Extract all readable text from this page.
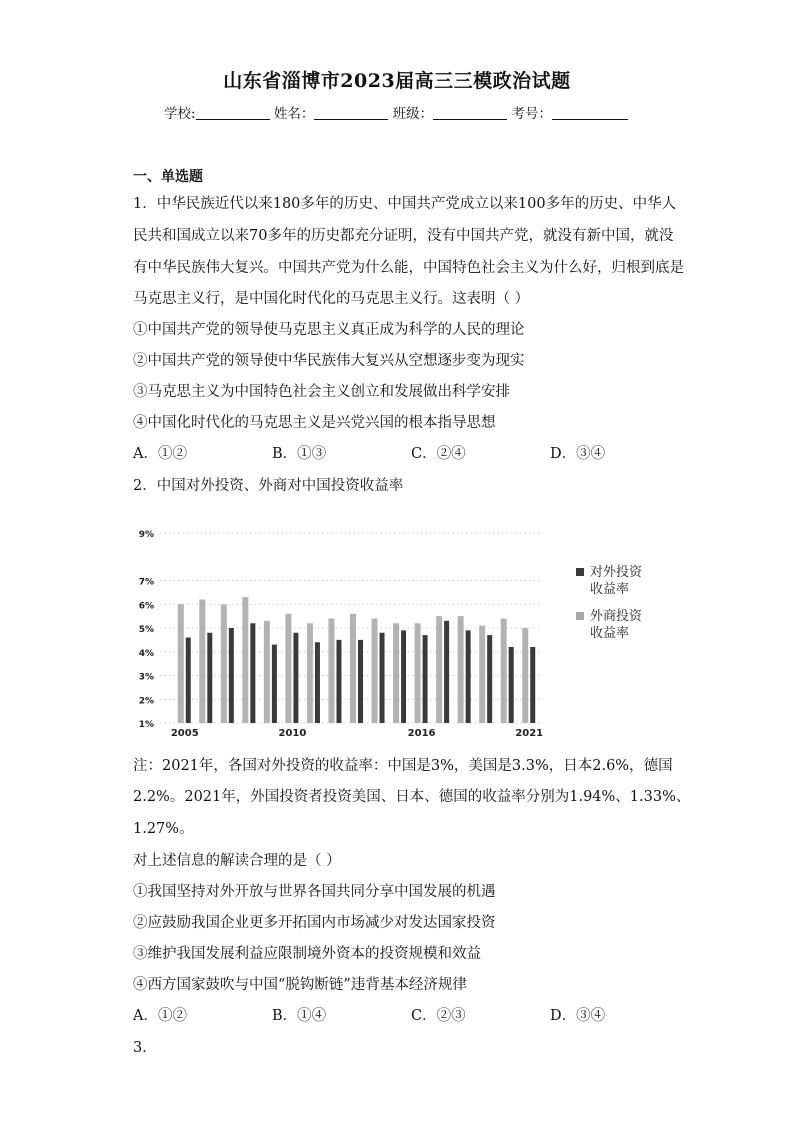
山东省淄博市2023届高三三模政治试题
学校:	姓名：	班级：	考号：
一、单选题
1．中华民族近代以来180多年的历史、中国共产党成立以来100多年的历史、中华人
民共和国成立以来70多年的历史都充分证明，没有中国共产党，就没有新中国，就没
有中华民族伟大复兴。中国共产党为什么能，中国特色社会主义为什么好，归根到底是
马克思主义行，是中国化时代化的马克思主义行。这表明（ ）
①中国共产党的领导使马克思主义真正成为科学的人民的理论
②中国共产党的领导使中华民族伟大复兴从空想逐步变为现实
③马克思主义为中国特色社会主义创立和发展做出科学安排
④中国化时代化的马克思主义是兴党兴国的根本指导思想
A．①②	B．①③	C．②④	D．③④
2．中国对外投资、外商对中国投资收益率
1%
2%
3%
4%
5%
6%
7%
9%
2005	2010	2016	2021
对外投资
收益率
外商投资
收益率
注：2021年，各国对外投资的收益率：中国是3%，美国是3.3%，日本2.6%，德国
2.2%。2021年，外国投资者投资美国、日本、德国的收益率分别为1.94%、1.33%、
1.27%。
对上述信息的解读合理的是（ ）
①我国坚持对外开放与世界各国共同分享中国发展的机遇
②应鼓励我国企业更多开拓国内市场减少对发达国家投资
③维护我国发展利益应限制境外资本的投资规模和效益
④西方国家鼓吹与中国“脱钩断链”违背基本经济规律
A．①②	B．①④	C．②③	D．③④
3．
